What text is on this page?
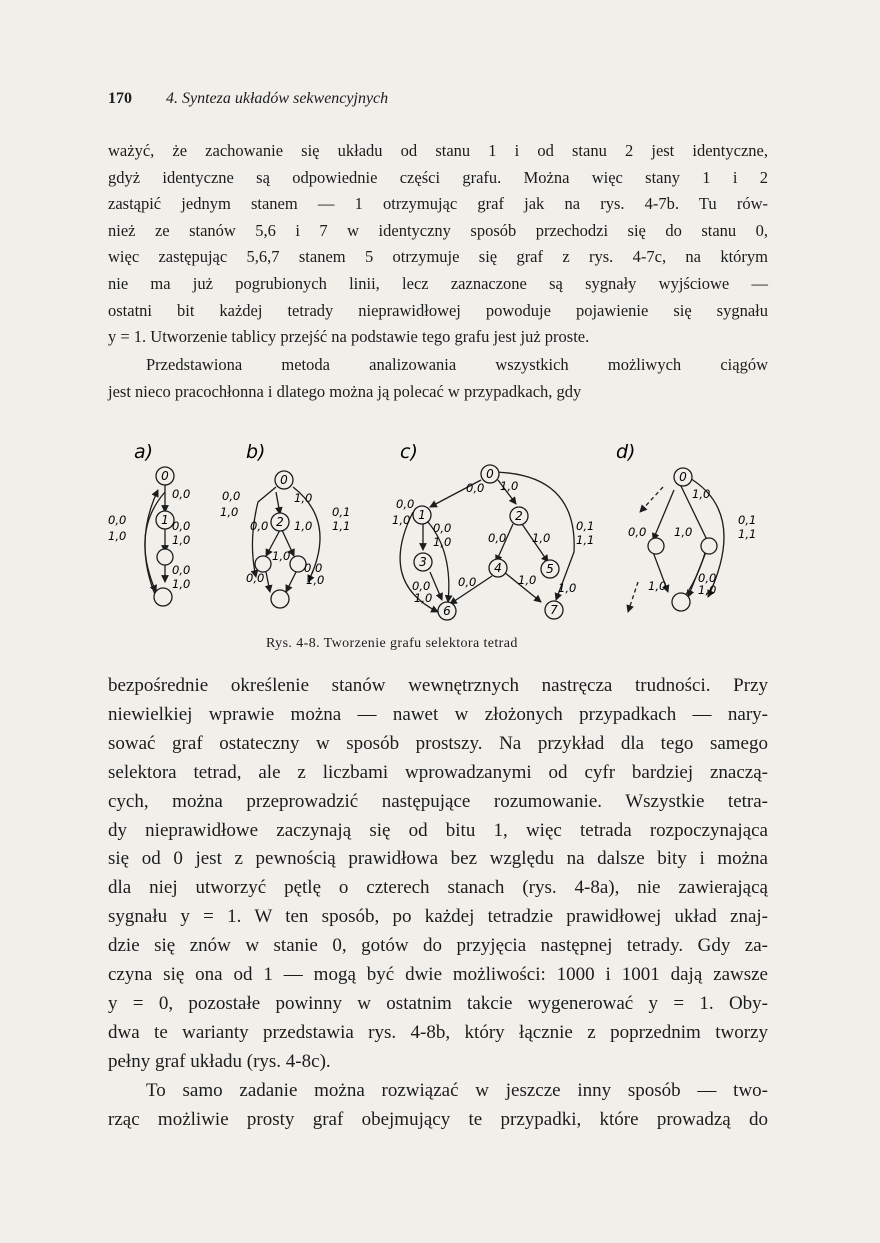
170 4. Synteza układów sekwencyjnych
ważyć, że zachowanie się układu od stanu 1 i od stanu 2 jest identyczne,
gdyż identyczne są odpowiednie części grafu. Można więc stany 1 i 2
zastąpić jednym stanem — 1 otrzymując graf jak na rys. 4-7b. Tu rów-
nież ze stanów 5,6 i 7 w identyczny sposób przechodzi się do stanu 0,
więc zastępując 5,6,7 stanem 5 otrzymuje się graf z rys. 4-7c, na którym
nie ma już pogrubionych linii, lecz zaznaczone są sygnały wyjściowe —
ostatni bit każdej tetrady nieprawidłowej powoduje pojawienie się sygnału
y = 1. Utworzenie tablicy przejść na podstawie tego grafu jest już proste.
Przedstawiona metoda analizowania wszystkich możliwych ciągów
jest nieco pracochłonna i dlatego można ją polecać w przypadkach, gdy
0
1
0
2
0
1	2
3	4	5
6	7
0
a)	b)	c)	d)
0,0
0,0	0,0
1,0	1,0
0,0
1,0
0,0
1,0
1,0
0,1
1,1
0,0 1,0
0,0
1,0
0,0
1,0
0,0
1,0
0,0 1,0
0,0
1,0	0,0 1,0
0,1
1,1
0,0
1,0
0,0	1,0
1,0
1,0
0,0 1,0
0,1
1,1
1,0
0,0
1,0
Rys. 4-8. Tworzenie grafu selektora tetrad
bezpośrednie określenie stanów wewnętrznych nastręcza trudności. Przy
niewielkiej wprawie można — nawet w złożonych przypadkach — nary-
sować graf ostateczny w sposób prostszy. Na przykład dla tego samego
selektora tetrad, ale z liczbami wprowadzanymi od cyfr bardziej znaczą-
cych, można przeprowadzić następujące rozumowanie. Wszystkie tetra-
dy nieprawidłowe zaczynają się od bitu 1, więc tetrada rozpoczynająca
się od 0 jest z pewnością prawidłowa bez względu na dalsze bity i można
dla niej utworzyć pętlę o czterech stanach (rys. 4-8a), nie zawierającą
sygnału y = 1. W ten sposób, po każdej tetradzie prawidłowej układ znaj-
dzie się znów w stanie 0, gotów do przyjęcia następnej tetrady. Gdy za-
czyna się ona od 1 — mogą być dwie możliwości: 1000 i 1001 dają zawsze
y = 0, pozostałe powinny w ostatnim takcie wygenerować y = 1. Oby-
dwa te warianty przedstawia rys. 4-8b, który łącznie z poprzednim tworzy
pełny graf układu (rys. 4-8c).
To samo zadanie można rozwiązać w jeszcze inny sposób — two-
rząc możliwie prosty graf obejmujący te przypadki, które prowadzą do
